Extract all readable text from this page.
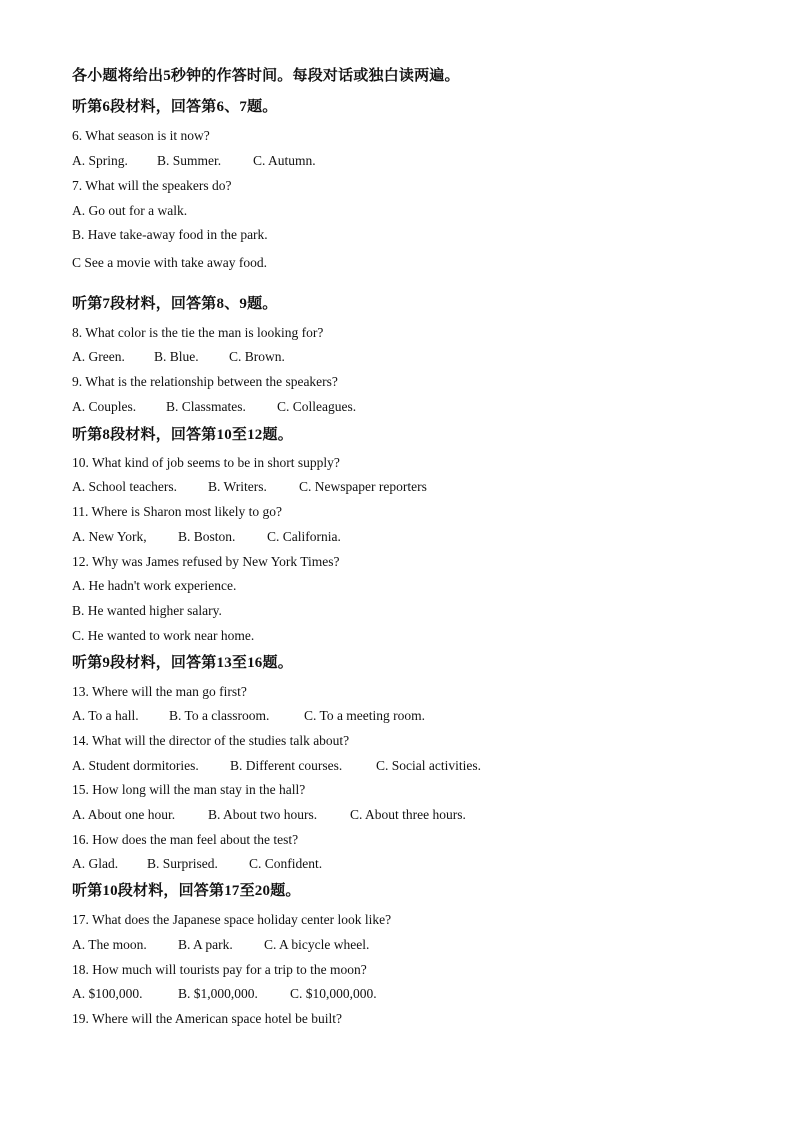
各小题将给出5秒钟的作答时间。每段对话或独白读两遍。
听第6段材料，回答第6、7题。
6. What season is it now?
A. Spring. B. Summer. C. Autumn.
7. What will the speakers do?
A. Go out for a walk.
B. Have take-away food in the park.
C See a movie with take away food.
听第7段材料，回答第8、9题。
8. What color is the tie the man is looking for?
A. Green. B. Blue. C. Brown.
9. What is the relationship between the speakers?
A. Couples. B. Classmates. C. Colleagues.
听第8段材料，回答第10至12题。
10. What kind of job seems to be in short supply?
A. School teachers. B. Writers. C. Newspaper reporters
11. Where is Sharon most likely to go?
A. New York, B. Boston. C. California.
12. Why was James refused by New York Times?
A. He hadn't work experience.
B. He wanted higher salary.
C. He wanted to work near home.
听第9段材料，回答第13至16题。
13. Where will the man go first?
A. To a hall. B. To a classroom.	C. To a meeting room.
14. What will the director of the studies talk about?
A. Student dormitories. B. Different courses.	C. Social activities.
15. How long will the man stay in the hall?
A. About one hour. B. About two hours. C. About three hours.
16. How does the man feel about the test?
A. Glad. B. Surprised. C. Confident.
听第10段材料，回答第17至20题。
17. What does the Japanese space holiday center look like?
A. The moon. B. A park. C. A bicycle wheel.
18. How much will tourists pay for a trip to the moon?
A. $100,000.	B. $1,000,000. C. $10,000,000.
19. Where will the American space hotel be built?
